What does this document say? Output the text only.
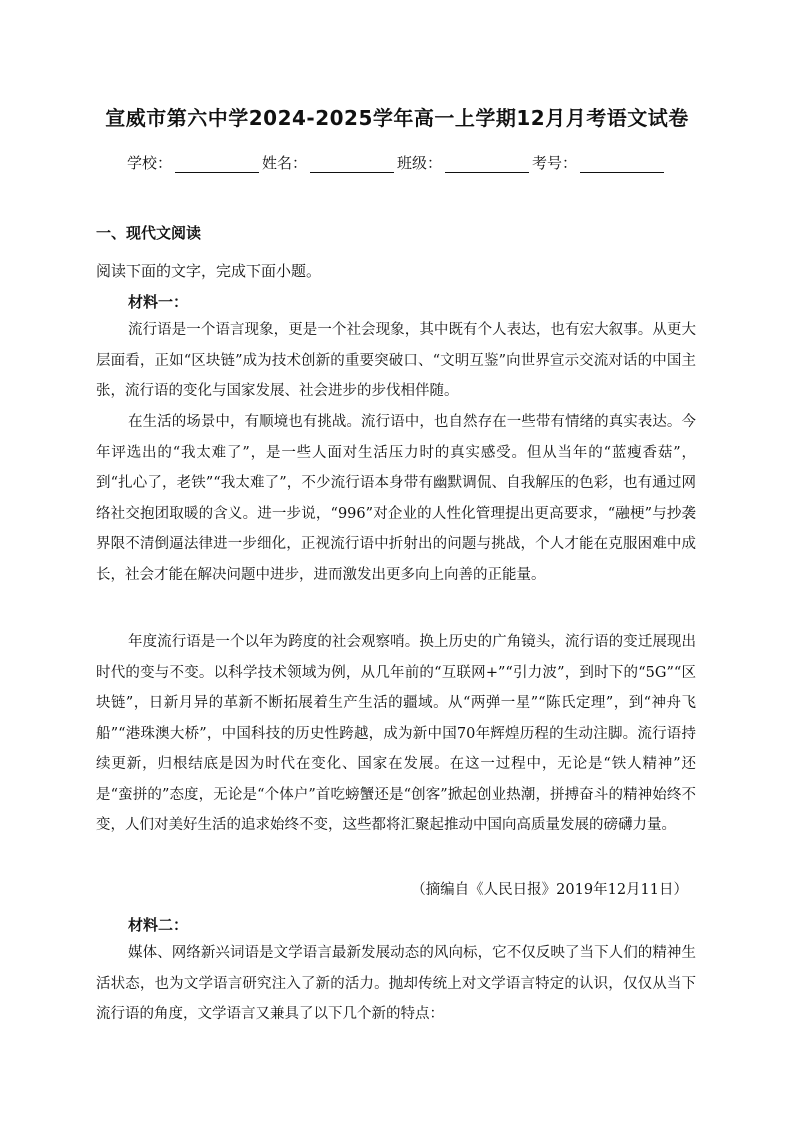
宣威市第六中学2024-2025学年高一上学期12月月考语文试卷
学校：	姓名：	班级：	考号：
一、现代文阅读
阅读下面的文字，完成下面小题。
材料一：

流行语是一个语言现象，更是一个社会现象，其中既有个人表达，也有宏大叙事。从更大层面看，正如“区块链”成为技术创新的重要突破口、“文明互鉴”向世界宣示交流对话的中国主张，流行语的变化与国家发展、社会进步的步伐相伴随。

在生活的场景中，有顺境也有挑战。流行语中，也自然存在一些带有情绪的真实表达。今年评选出的“我太难了”，是一些人面对生活压力时的真实感受。但从当年的“蓝瘦香菇”，到“扎心了，老铁”“我太难了”，不少流行语本身带有幽默调侃、自我解压的色彩，也有通过网络社交抱团取暖的含义。进一步说，“996”对企业的人性化管理提出更高要求，“融梗”与抄袭界限不清倒逼法律进一步细化，正视流行语中折射出的问题与挑战，个人才能在克服困难中成长，社会才能在解决问题中进步，进而激发出更多向上向善的正能量。

年度流行语是一个以年为跨度的社会观察哨。换上历史的广角镜头，流行语的变迁展现出时代的变与不变。以科学技术领域为例，从几年前的“互联网+”“引力波”，到时下的“5G”“区块链”，日新月异的革新不断拓展着生产生活的疆域。从“两弹一星”“陈氏定理”，到“神舟飞船”“港珠澳大桥”，中国科技的历史性跨越，成为新中国70年辉煌历程的生动注脚。流行语持续更新，归根结底是因为时代在变化、国家在发展。在这一过程中，无论是“铁人精神”还是“蛮拼的”态度，无论是“个体户”首吃螃蟹还是“创客”掀起创业热潮，拼搏奋斗的精神始终不变，人们对美好生活的追求始终不变，这些都将汇聚起推动中国向高质量发展的磅礴力量。

（摘编自《人民日报》2019年12月11日）
材料二：

媒体、网络新兴词语是文学语言最新发展动态的风向标，它不仅反映了当下人们的精神生活状态，也为文学语言研究注入了新的活力。抛却传统上对文学语言特定的认识，仅仅从当下流行语的角度，文学语言又兼具了以下几个新的特点：
